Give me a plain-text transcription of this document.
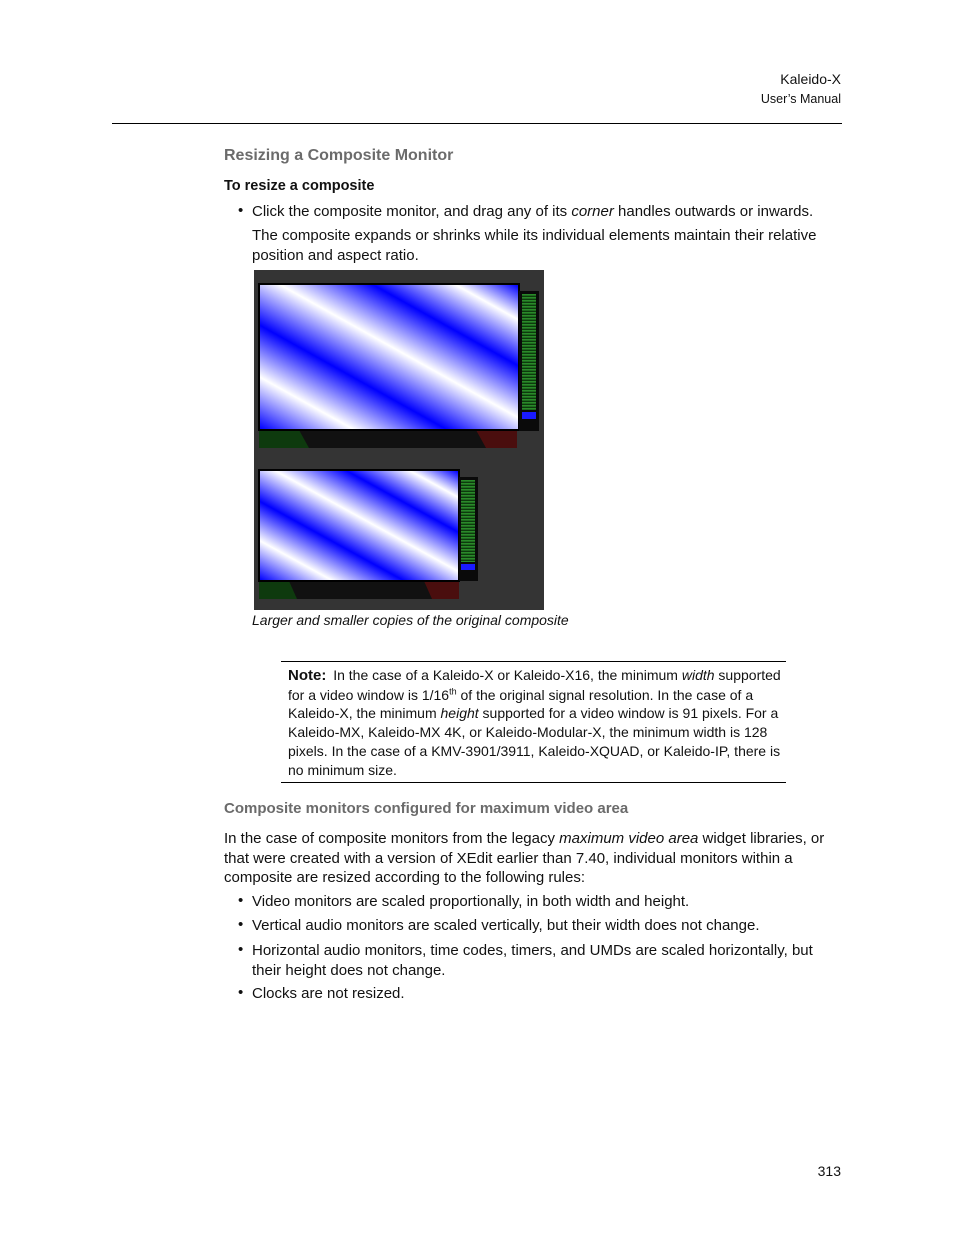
Kaleido-X
User’s Manual
Resizing a Composite Monitor
To resize a composite
• Click the composite monitor, and drag any of its corner handles outwards or inwards.
The composite expands or shrinks while its individual elements maintain their relative position and aspect ratio.
Larger and smaller copies of the original composite
Note: In the case of a Kaleido-X or Kaleido-X16, the minimum width supported for a video window is 1/16th of the original signal resolution. In the case of a Kaleido-X, the minimum height supported for a video window is 91 pixels. For a Kaleido-MX, Kaleido-MX 4K, or Kaleido-Modular-X, the minimum width is 128 pixels. In the case of a KMV-3901/3911, Kaleido-XQUAD, or Kaleido-IP, there is no minimum size.
Composite monitors configured for maximum video area
In the case of composite monitors from the legacy maximum video area widget libraries, or that were created with a version of XEdit earlier than 7.40, individual monitors within a composite are resized according to the following rules:
• Video monitors are scaled proportionally, in both width and height.
• Vertical audio monitors are scaled vertically, but their width does not change.
• Horizontal audio monitors, time codes, timers, and UMDs are scaled horizontally, but their height does not change.
• Clocks are not resized.
313
